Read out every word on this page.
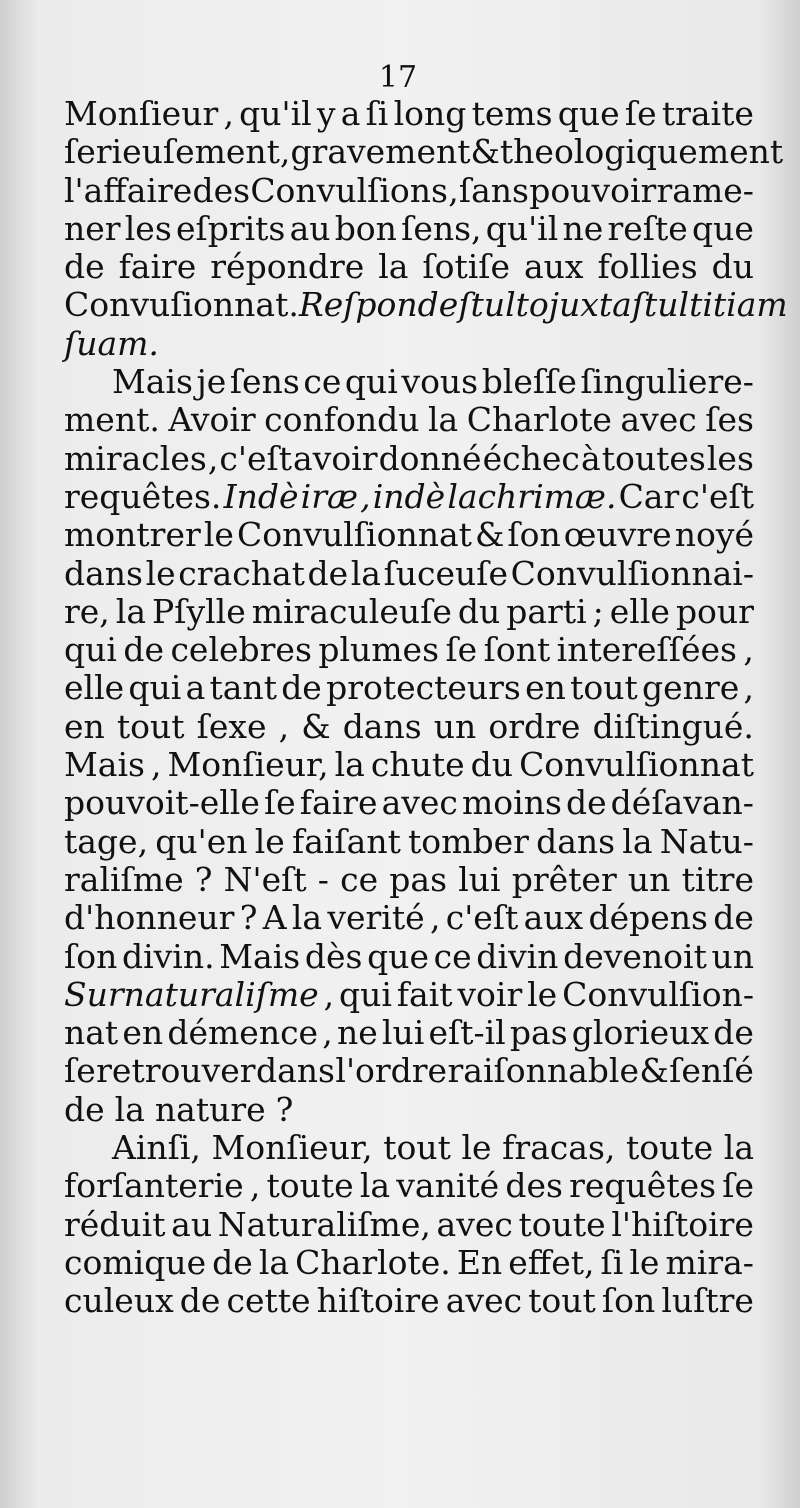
17
Monſieur , qu'il y a ſi long tems que ſe traite
ſerieuſement, gravement & theologiquement
l'affaire des Convulſions , ſans pouvoir rame-
ner les eſprits au bon ſens, qu'il ne reſte que
de faire répondre la ſotiſe aux follies du
Convuſionnat. Reſponde ſtulto juxta ſtultitiam
ſuam.
Mais je ſens ce qui vous bleſſe ſinguliere-
ment. Avoir confondu la Charlote avec ſes
miracles , c'eſt avoir donné échec à toutes les
requêtes. Indè iræ , indè lachrimæ. Car c'eſt
montrer le Convulſionnat & ſon œuvre noyé
dans le crachat de la ſuceuſe Convulſionnai-
re, la Pſylle miraculeuſe du parti ; elle pour
qui de celebres plumes ſe ſont intereſſées ,
elle qui a tant de protecteurs en tout genre ,
en tout ſexe , & dans un ordre diſtingué.
Mais , Monſieur, la chute du Convulſionnat
pouvoit-elle ſe faire avec moins de déſavan-
tage, qu'en le faiſant tomber dans la Natu-
raliſme ? N'eſt - ce pas lui prêter un titre
d'honneur ? A la verité , c'eſt aux dépens de
ſon divin. Mais dès que ce divin devenoit un
Surnaturaliſme , qui fait voir le Convulſion-
nat en démence , ne lui eſt-il pas glorieux de
ſe retrouver dans l'ordre raiſonnable & ſenſé
de la nature ?
Ainſi, Monſieur, tout le fracas, toute la
forſanterie , toute la vanité des requêtes ſe
réduit au Naturaliſme, avec toute l'hiſtoire
comique de la Charlote. En effet, ſi le mira-
culeux de cette hiſtoire avec tout ſon luſtre
